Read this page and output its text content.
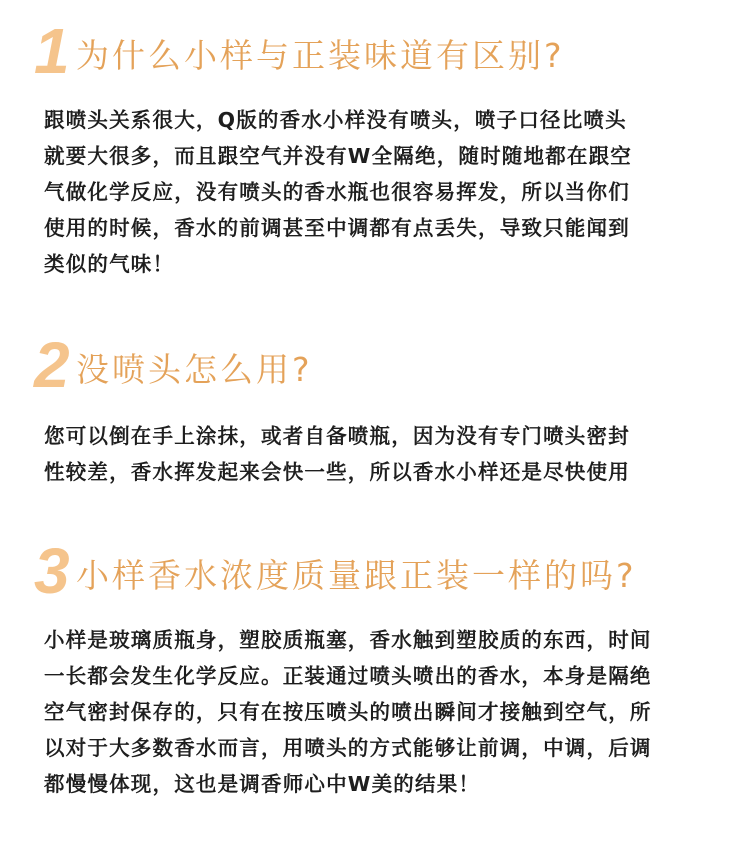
1 为什么小样与正装味道有区别?

跟喷头关系很大，Q版的香水小样没有喷头，喷子口径比喷头

就要大很多，而且跟空气并没有W全隔绝，随时随地都在跟空

气做化学反应，没有喷头的香水瓶也很容易挥发，所以当你们

使用的时候，香水的前调甚至中调都有点丢失，导致只能闻到

类似的气味！

2 没喷头怎么用?

您可以倒在手上涂抹，或者自备喷瓶，因为没有专门喷头密封

性较差，香水挥发起来会快一些，所以香水小样还是尽快使用

3 小样香水浓度质量跟正装一样的吗?

小样是玻璃质瓶身，塑胶质瓶塞，香水触到塑胶质的东西，时间

一长都会发生化学反应。正装通过喷头喷出的香水，本身是隔绝

空气密封保存的，只有在按压喷头的喷出瞬间才接触到空气，所

以对于大多数香水而言，用喷头的方式能够让前调，中调，后调

都慢慢体现，这也是调香师心中W美的结果！
